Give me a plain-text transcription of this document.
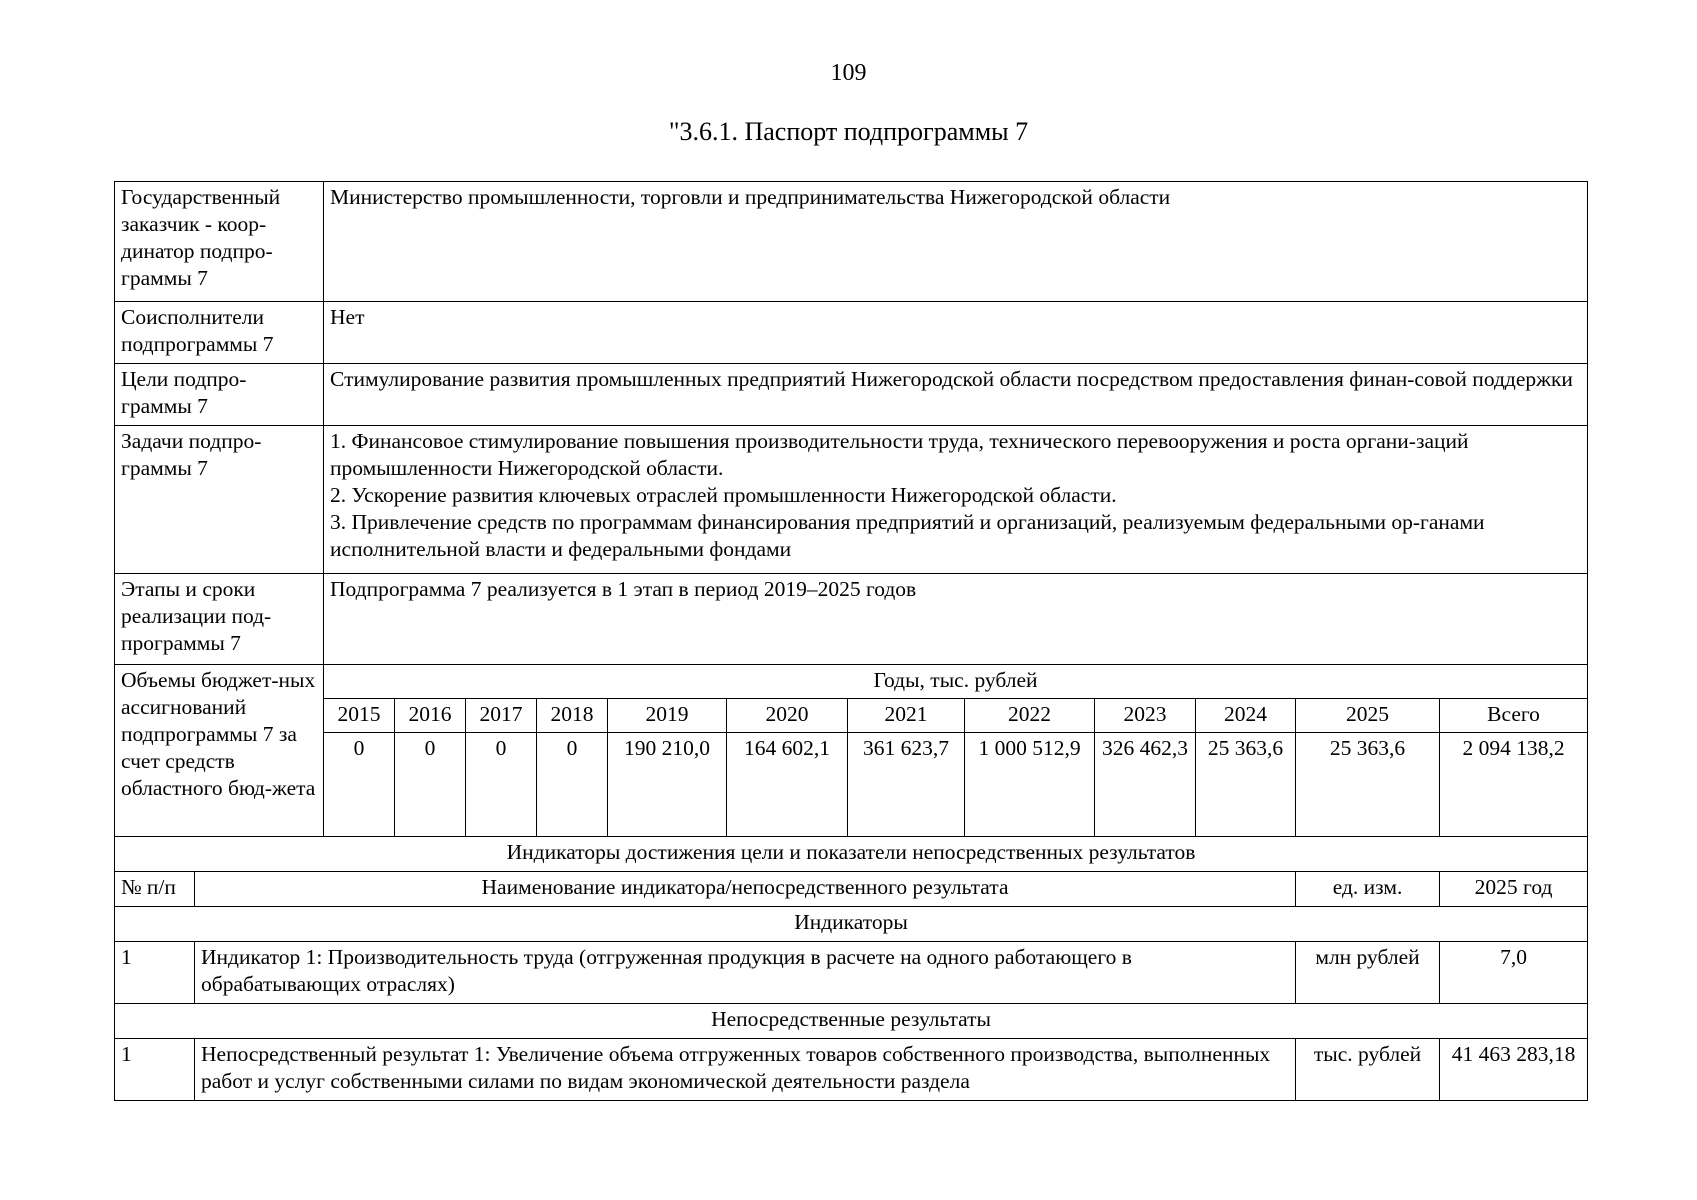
109
"3.6.1. Паспорт подпрограммы 7
Государственный заказчик - коор-динатор подпро-граммы 7		Министерство промышленности, торговли и предпринимательства Нижегородской области											
Соисполнители подпрограммы 7		Нет											
Цели подпро-граммы 7		Стимулирование развития промышленных предприятий Нижегородской области посредством предоставления финан-совой поддержки											
Задачи подпро-граммы 7		1. Финансовое стимулирование повышения производительности труда, технического перевооружения и роста органи-заций промышленности Нижегородской области.
2. Ускорение развития ключевых отраслей промышленности Нижегородской области.
3. Привлечение средств по программам финансирования предприятий и организаций, реализуемым федеральными ор-ганами исполнительной власти и федеральными фондами											

Этапы и сроки реализации под-программы 7		Подпрограмма 7 реализуется в 1 этап в период 2019–2025 годов											
Объемы бюджет-ных ассигнований подпрограммы 7 за счет средств областного бюд-жета		Годы, тыс. рублей											
		2015	2016	2017	2018	2019	2020	2021	2022	2023	2024	2025	Всего
		0	0	0	0	190 210,0	164 602,1	361 623,7	1 000 512,9	326 462,3	25 363,6	25 363,6	2 094 138,2
Индикаторы достижения цели и показатели непосредственных результатов													
№ п/п	Наименование индикатора/непосредственного результата											ед. изм.	2025 год
Индикаторы													
1	Индикатор 1: Производительность труда (отгруженная продукция в расчете на одного работающего в обрабатывающих отраслях)											млн рублей	7,0
Непосредственные результаты													
1	Непосредственный результат 1: Увеличение объема отгруженных товаров собственного производства, выполненных работ и услуг собственными силами по видам экономической деятельности раздела											тыс. рублей	41 463 283,18
